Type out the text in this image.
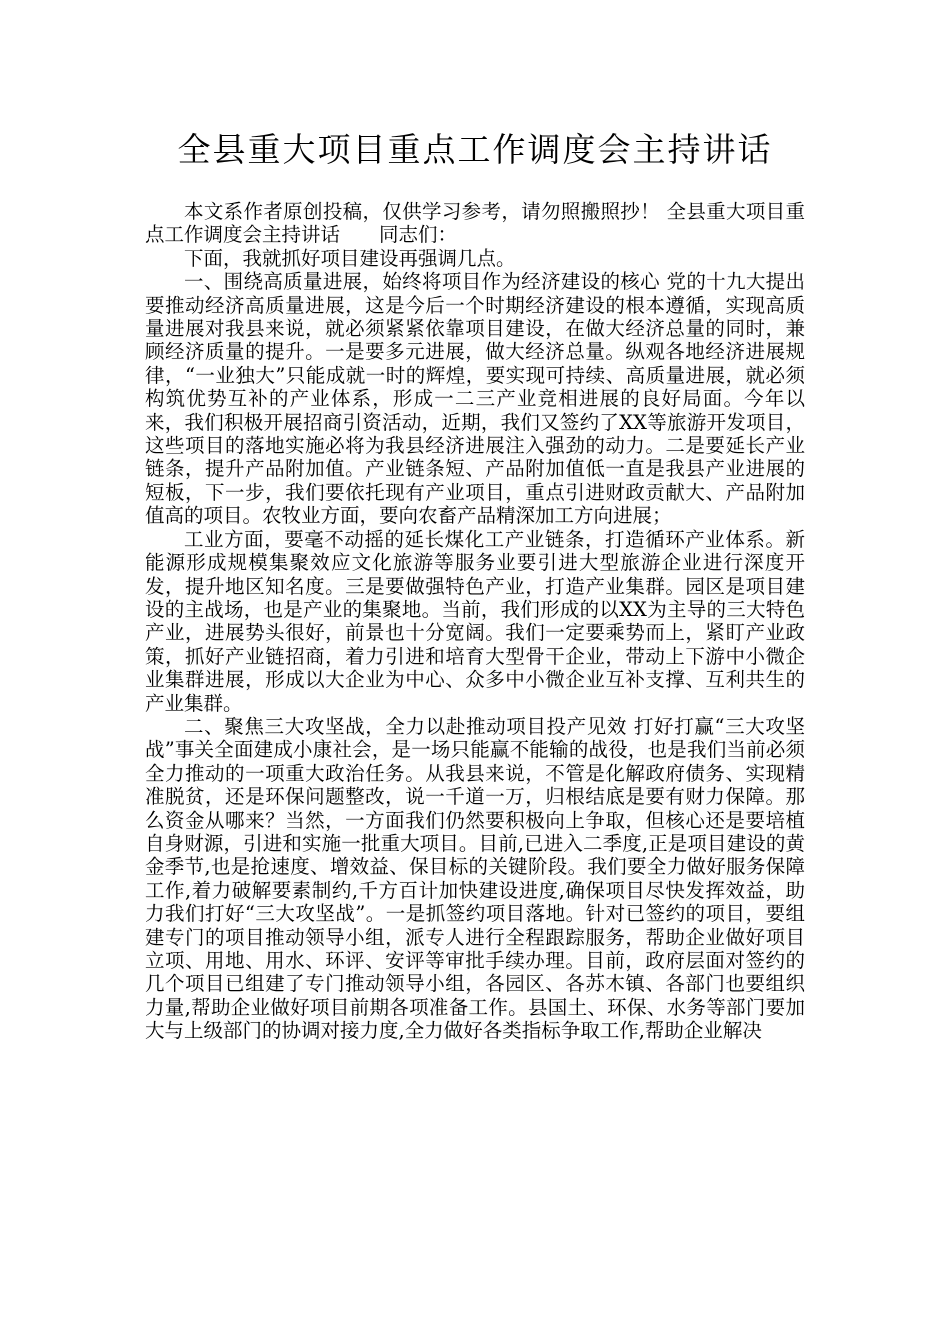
全县重大项目重点工作调度会主持讲话

本文系作者原创投稿，仅供学习参考，请勿照搬照抄！ 全县重大项目重点工作调度会主持讲话　　同志们：

下面，我就抓好项目建设再强调几点。

一、围绕高质量进展，始终将项目作为经济建设的核心 党的十九大提出要推动经济高质量进展，这是今后一个时期经济建设的根本遵循，实现高质量进展对我县来说，就必须紧紧依靠项目建设，在做大经济总量的同时，兼顾经济质量的提升。一是要多元进展，做大经济总量。纵观各地经济进展规律，“一业独大”只能成就一时的辉煌，要实现可持续、高质量进展，就必须构筑优势互补的产业体系，形成一二三产业竞相进展的良好局面。今年以来，我们积极开展招商引资活动，近期，我们又签约了XX等旅游开发项目，这些项目的落地实施必将为我县经济进展注入强劲的动力。二是要延长产业链条，提升产品附加值。产业链条短、产品附加值低一直是我县产业进展的短板，下一步，我们要依托现有产业项目，重点引进财政贡献大、产品附加值高的项目。农牧业方面，要向农畜产品精深加工方向进展；

工业方面，要毫不动摇的延长煤化工产业链条，打造循环产业体系。新能源形成规模集聚效应文化旅游等服务业要引进大型旅游企业进行深度开发，提升地区知名度。三是要做强特色产业，打造产业集群。园区是项目建设的主战场，也是产业的集聚地。当前，我们形成的以XX为主导的三大特色产业，进展势头很好，前景也十分宽阔。我们一定要乘势而上，紧盯产业政策，抓好产业链招商，着力引进和培育大型骨干企业，带动上下游中小微企业集群进展，形成以大企业为中心、众多中小微企业互补支撑、互利共生的产业集群。

二、聚焦三大攻坚战，全力以赴推动项目投产见效 打好打赢“三大攻坚战”事关全面建成小康社会，是一场只能赢不能输的战役，也是我们当前必须全力推动的一项重大政治任务。从我县来说，不管是化解政府债务、实现精准脱贫，还是环保问题整改，说一千道一万，归根结底是要有财力保障。那么资金从哪来？当然，一方面我们仍然要积极向上争取，但核心还是要培植自身财源，引进和实施一批重大项目。目前,已进入二季度,正是项目建设的黄金季节,也是抢速度、增效益、保目标的关键阶段。我们要全力做好服务保障工作,着力破解要素制约,千方百计加快建设进度,确保项目尽快发挥效益，助力我们打好“三大攻坚战”。一是抓签约项目落地。针对已签约的项目，要组建专门的项目推动领导小组，派专人进行全程跟踪服务，帮助企业做好项目立项、用地、用水、环评、安评等审批手续办理。目前，政府层面对签约的几个项目已组建了专门推动领导小组，各园区、各苏木镇、各部门也要组织力量,帮助企业做好项目前期各项准备工作。县国土、环保、水务等部门要加大与上级部门的协调对接力度,全力做好各类指标争取工作,帮助企业解决
